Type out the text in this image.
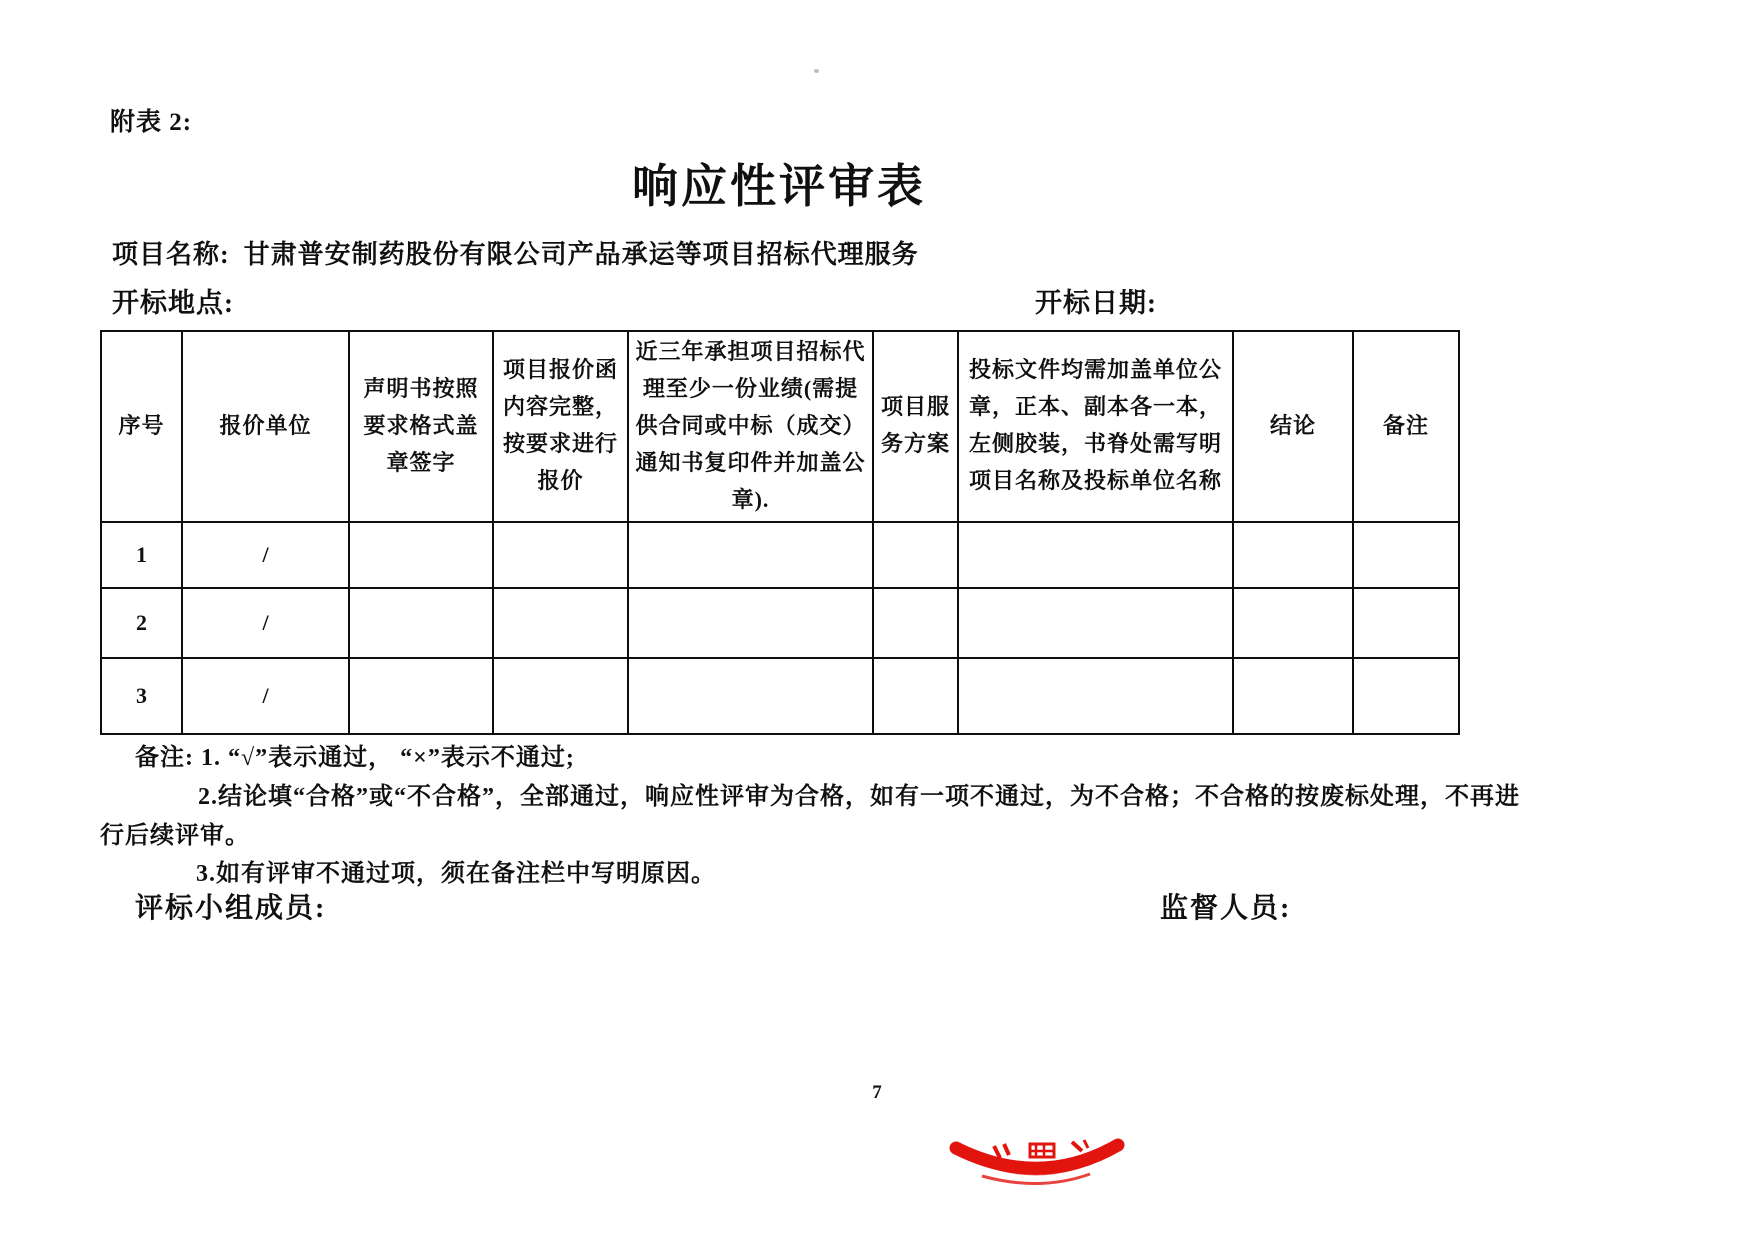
附表 2:
响应性评审表
项目名称: 甘肃普安制药股份有限公司产品承运等项目招标代理服务
开标地点:	开标日期:
序号	报价单位	声明书按照要求格式盖章签字	项目报价函内容完整，按要求进行报价	近三年承担项目招标代理至少一份业绩(需提供合同或中标（成交）通知书复印件并加盖公章).	项目服务方案	投标文件均需加盖单位公章，正本、副本各一本，左侧胶装，书脊处需写明项目名称及投标单位名称	结论	备注
1	/							
2	/							
3	/							
备注: 1. “√”表示通过， “×”表示不通过;
2.结论填“合格”或“不合格”，全部通过，响应性评审为合格，如有一项不通过，为不合格；不合格的按废标处理，不再进
行后续评审。
3.如有评审不通过项，须在备注栏中写明原因。
评标小组成员:	监督人员:
7
